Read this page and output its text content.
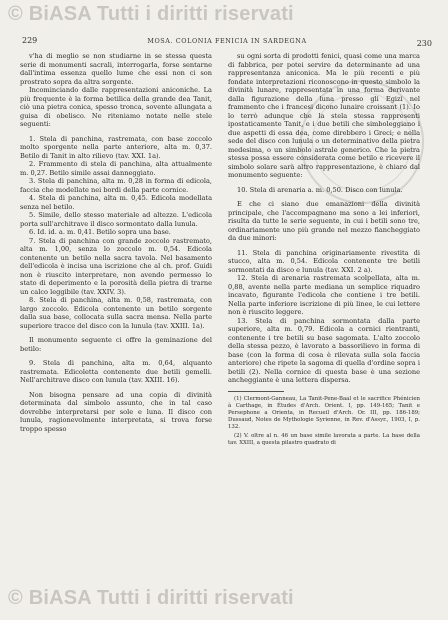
© BiASA Tutti i diritti riservati
229	MOSA. COLONIA FENICIA IN SARDEGNA	230

v'ha di meglio se non studiarne in se stessa questa serie di monumenti sacrali, interrogarla, forse sentarne dall'intima essenza quello lume che essi non ci son prostrato sopra da altra sorgente.

Incominciando dalle rappresentazioni aniconiche. La più frequente è la forma betilica della grande dea Tanit, ciò una pietra conica, spesso tronca, sovente allungata a guisa di obelisco. Ne riteniamo notate nelle stele seguenti:

1. Stela di panchina, rastremata, con base zoccolo molto sporgente nella parte anteriore, alta m. 0,37. Betilo di Tanit in alto rilievo (tav. XXI. 1a).

2. Frammento di stela di panchina, alta attualmente m. 0,27. Betilo simile assai danneggiato.

3. Stela di panchina, alta m. 0,28 in forma di edicola, faccia che modellate nei bordi della parte cornice.

4. Stela di panchina, alta m. 0,45. Edicola modellata senza nel betilo.

5. Simile, dello stesso materiale ad altezze. L'edicola porta sull'architrave il disco sormontato dalla lunula.

6. Id. id. a. m. 0,41. Betilo sopra una base.

7. Stela di panchina con grande zoccolo rastremato, alta m. 1,00, senza lo zoccolo m. 0,54. Edicola contenente un betilo nella sacra tavola. Nel basamento dell'edicola è incisa una iscrizione che al ch. prof. Guidi non è riuscito interpretare, non avendo permesso lo stato di deperimento e la porosità della pietra di trarne un calco leggibile (tav. XXIV. 3).

8. Stela di panchina, alta m. 0,58, rastremata, con largo zoccolo. Edicola contenente un betilo sorgente dalla sua base, collocata sulla sacra mensa. Nella parte superiore tracce del disco con la lunula (tav. XXIII. 1a).

Il monumento seguente ci offre la geminazione del betilo:

9. Stela di panchina, alta m. 0,64, alquanto rastremata. Edicoletta contenente due betili gemelli. Nell'architrave disco con lunula (tav. XXIII. 16).

Non bisogna pensare ad una copia di divinità determinata dal simbolo assunto, che in tal caso dovrebbe interpretarsi per sole e luna. Il disco con lunula, ragionevolmente interpretata, si trova forse troppo spesso

su ogni sorta di prodotti fenici, quasi come una marca di fabbrica, per potei servire da determinante ad una rappresentanza aniconica. Ma le più recenti e più fondate interpretazioni riconoscono in questo simbolo la divinità lunare, rappresentata in una forma derivante dalla figurazione della luna presso gli Egizi nel frammento che i francesi dicono lunaire croissant (1). Io lo terrò adunque che la stela stessa rappresenti ipostaticamente Tanit, e i due betili che simboleggiano i due aspetti di essa dea, come direbbero i Greci; e nella sede del disco con lunula o un determinativo della pietra medesima, o un simbolo astrale generico. Che la pietra stessa possa essere considerata come betilo e ricevere il simbolo solare sarà altro rappresentazione, è chiaro dal monumento seguente:

10. Stela di arenaria a. m. 0,50. Disco con lunula.

E che ci siano due emanazioni della divinità principale, che l'accompagnano ma sono a lei inferiori, risulta da tutte le serie seguente, in cui i betili sono tre, ordinariamente uno più grande nel mezzo fiancheggiato da due minori:

11. Stela di panchina originariamente rivestita di stucco, alta m. 0,54. Edicola contenente tre betili sormontati da disco e lunula (tav. XXI. 2 a).

12. Stela di arenaria rastremata scolpellata, alta m. 0,88, avente nella parte mediana un semplice riquadro incavato, figurante l'edicola che contiene i tre betili. Nella parte inferiore iscrizione di più linee, le cui lettere non è riuscito leggere.

13. Stela di panchina sormontata dalla parte superiore, alta m. 0,79. Edicola a cornici rientranti, contenente i tre betili su base sagomata. L'alto zoccolo della stessa pezzo, è lavorato a bassorilievo in forma di base (con la forma di cosa è rilevata sulla sola faccia anteriore) che ripete la sagoma di quella d'ordine sopra i betili (2). Nella cornice di questa base è una sezione ancheggiante è una lettera dispersa.

(1) Clermont-Ganneau, La Tanit-Pene-Baal et le sacrifice Phénicien à Carthage, in Études d'Arch. Orient. I, pp. 149-165; Tanit e Persephone a Orienta, in Recueil d'Arch. Or. III, pp. 186-189; Dussaud, Notes de Mythologie Syrienne, in Rev. d'Assyr., 1903, I, p. 132.

(2) V. oltre al n. 46 un base simile lavorata a parte. La base della tav. XXIII, a questa pilastro quadrato di

© BiASA Tutti i diritti riservati
